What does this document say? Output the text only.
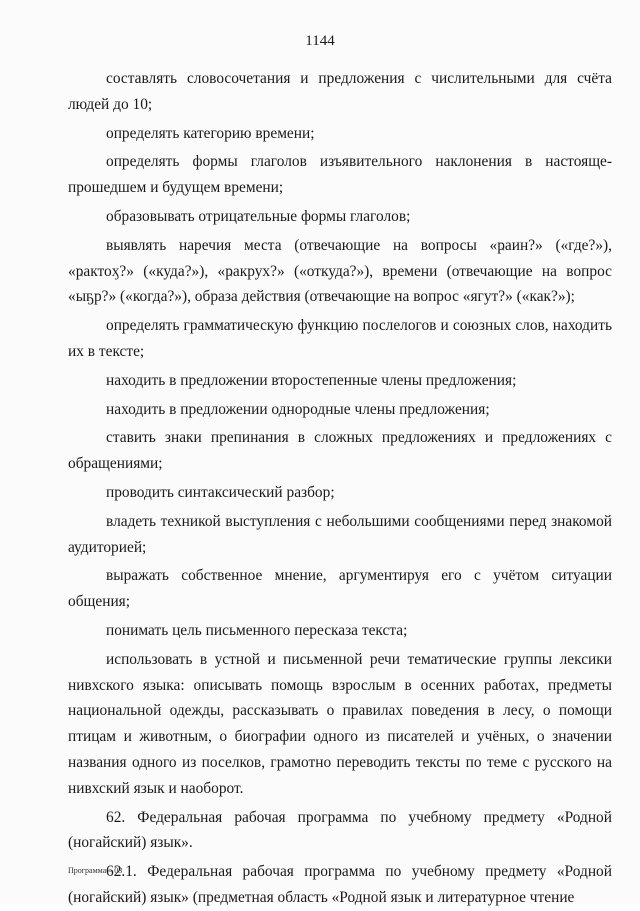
1144

составлять словосочетания и предложения с числительными для счёта людей до 10;

определять категорию времени;

определять формы глаголов изъявительного наклонения в настояще-прошедшем и будущем времени;

образовывать отрицательные формы глаголов;

выявлять наречия места (отвечающие на вопросы «ҏаин?» («где?»), «ҏактоӽ?» («куда?»), «ҏакрух?» («откуда?»), времени (отвечающие на вопрос «ыҕр?» («когда?»), образа действия (отвечающие на вопрос «ягут?» («как?»);

определять грамматическую функцию послелогов и союзных слов, находить их в тексте;

находить в предложении второстепенные члены предложения;

находить в предложении однородные члены предложения;

ставить знаки препинания в сложных предложениях и предложениях с обращениями;

проводить синтаксический разбор;

владеть техникой выступления с небольшими сообщениями перед знакомой аудиторией;

выражать собственное мнение, аргументируя его с учётом ситуации общения;

понимать цель письменного пересказа текста;

использовать в устной и письменной речи тематические группы лексики нивхского языка: описывать помощь взрослым в осенних работах, предметы национальной одежды, рассказывать о правилах поведения в лесу, о помощи птицам и животным, о биографии одного из писателей и учёных, о значении названия одного из поселков, грамотно переводить тексты по теме с русского на нивхский язык и наоборот.

62. Федеральная рабочая программа по учебному предмету «Родной (ногайский) язык».

62.1. Федеральная рабочая программа по учебному предмету «Родной (ногайский) язык» (предметная область «Родной язык и литературное чтение

Программа – 03
